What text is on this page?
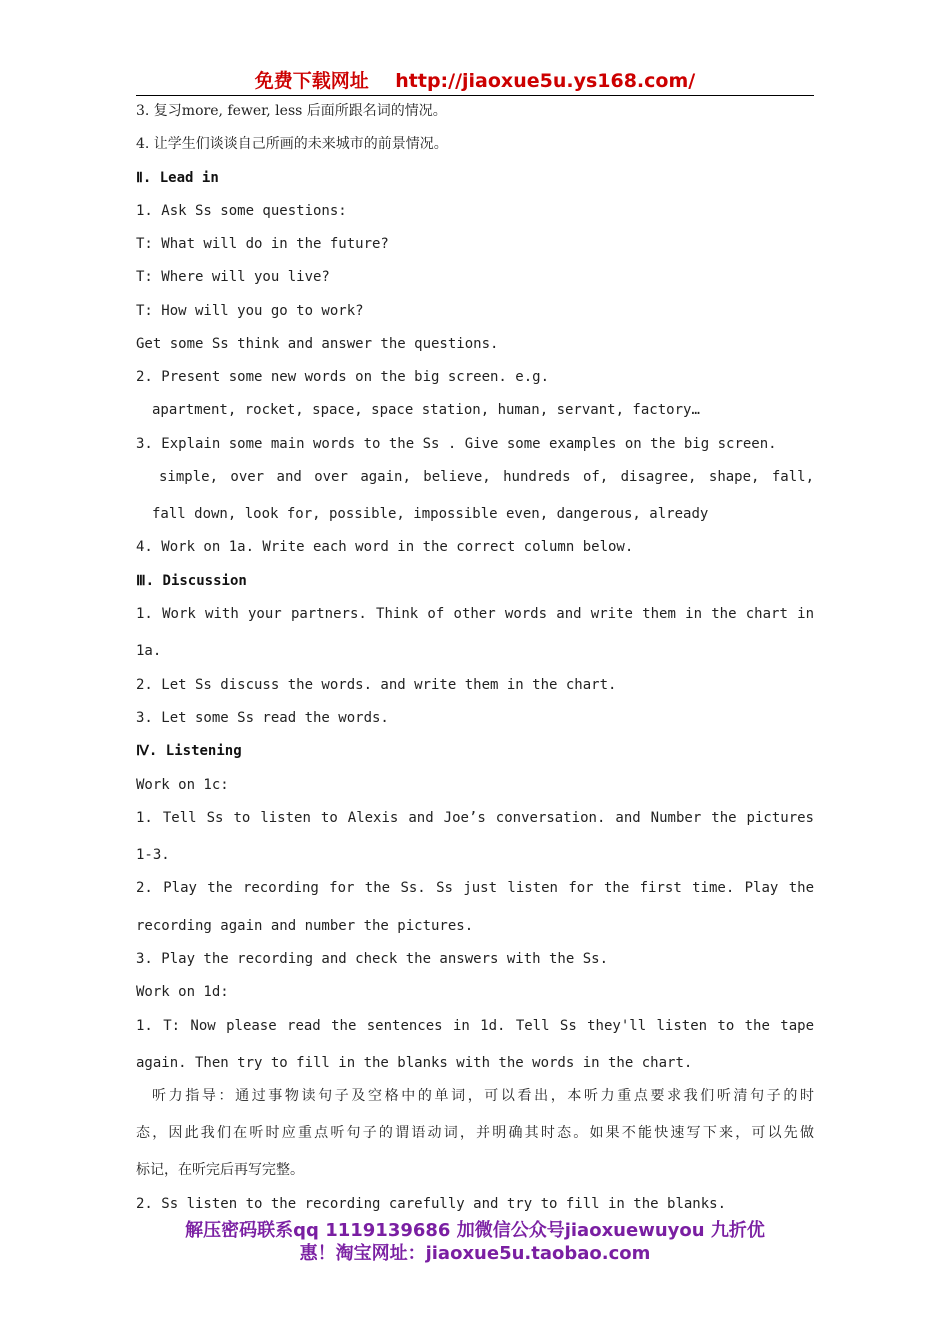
免费下载网址 http://jiaoxue5u.ys168.com/
3. 复习more, fewer, less 后面所跟名词的情况。
4. 让学生们谈谈自己所画的未来城市的前景情况。
Ⅱ. Lead in
1. Ask Ss some questions:
T: What will do in the future?
T: Where will you live?
T: How will you go to work?
Get some Ss think and answer the questions.
2. Present some new words on the big screen. e.g.
apartment, rocket, space, space station, human, servant, factory…
3. Explain some main words to the Ss . Give some examples on the big screen.
simple, over and over again, believe, hundreds of, disagree, shape, fall,
fall down, look for, possible, impossible even, dangerous, already
4. Work on 1a. Write each word in the correct column below.
Ⅲ. Discussion
1. Work with your partners. Think of other words and write them in the chart in
1a.
2. Let Ss discuss the words. and write them in the chart.
3. Let some Ss read the words.
Ⅳ. Listening
Work on 1c:
1. Tell Ss to listen to Alexis and Joe’s conversation. and Number the pictures
1-3.
2. Play the recording for the Ss. Ss just listen for the first time. Play the
recording again and number the pictures.
3. Play the recording and check the answers with the Ss.
Work on 1d:
1. T: Now please read the sentences in 1d. Tell Ss they'll listen to the tape
again. Then try to fill in the blanks with the words in the chart.
听力指导：通过事物读句子及空格中的单词，可以看出，本听力重点要求我们听清句子的时
态，因此我们在听时应重点听句子的谓语动词，并明确其时态。如果不能快速写下来，可以先做
标记，在听完后再写完整。
2. Ss listen to the recording carefully and try to fill in the blanks.
解压密码联系qq 1119139686 加微信公众号jiaoxuewuyou 九折优
惠！淘宝网址：jiaoxue5u.taobao.com
